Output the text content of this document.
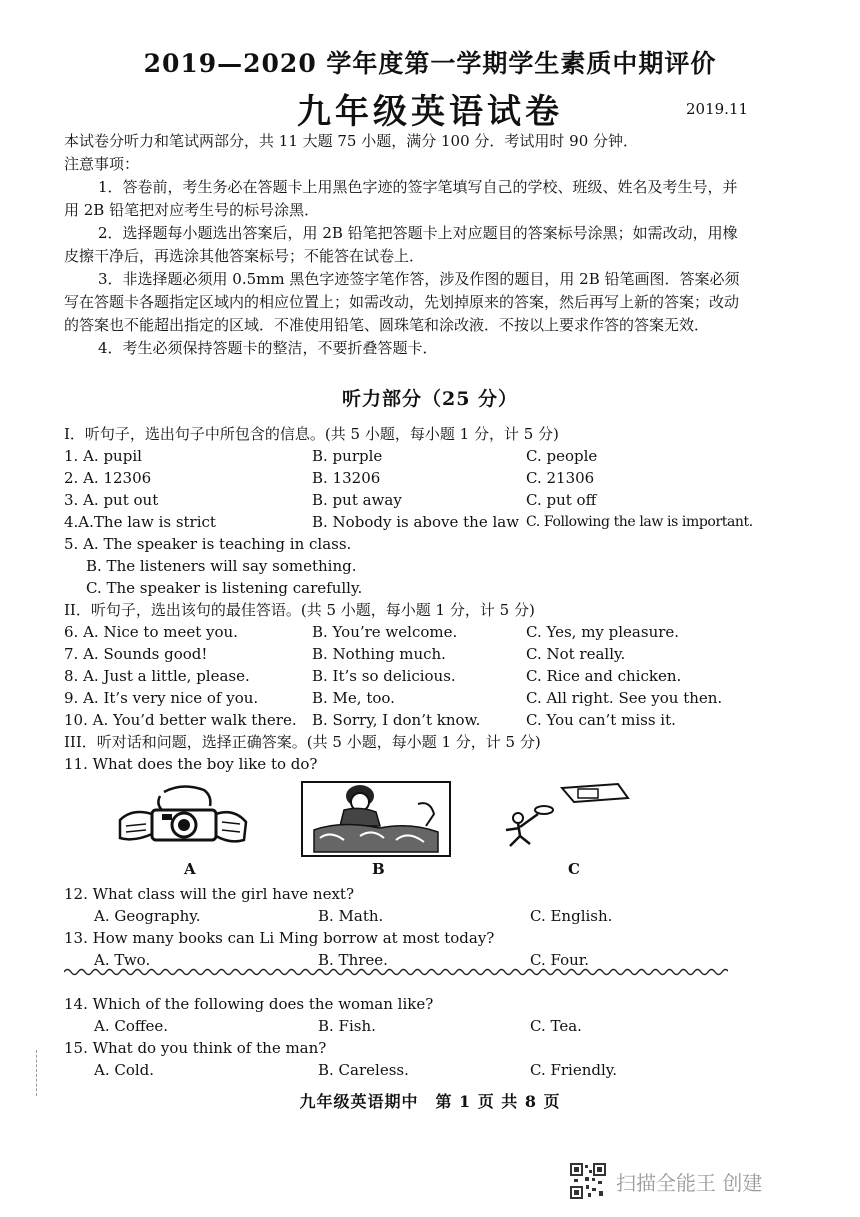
2019—2020 学年度第一学期学生素质中期评价
九年级英语试卷	2019.11

本试卷分听力和笔试两部分，共 11 大题 75 小题，满分 100 分．考试用时 90 分钟．

注意事项：

1．答卷前，考生务必在答题卡上用黑色字迹的签字笔填写自己的学校、班级、姓名及考生号，并用 2B 铅笔把对应考生号的标号涂黑．

2．选择题每小题选出答案后，用 2B 铅笔把答题卡上对应题目的答案标号涂黑；如需改动，用橡皮擦干净后，再选涂其他答案标号；不能答在试卷上．

3．非选择题必须用 0.5mm 黑色字迹签字笔作答，涉及作图的题目，用 2B 铅笔画图．答案必须写在答题卡各题指定区域内的相应位置上；如需改动，先划掉原来的答案，然后再写上新的答案；改动的答案也不能超出指定的区域．不准使用铅笔、圆珠笔和涂改液．不按以上要求作答的答案无效．

4．考生必须保持答题卡的整洁，不要折叠答题卡．

听力部分（25 分）
I．听句子，选出句子中所包含的信息。(共 5 小题，每小题 1 分，计 5 分)
1. A. pupil	B. purple	C. people
2. A. 12306	B. 13206	C. 21306
3. A. put out	B. put away	C. put off
4.A.The law is strict	B. Nobody is above the law C. Following the law is important.
5. A. The speaker is teaching in class.
B. The listeners will say something.
C. The speaker is listening carefully.
II．听句子，选出该句的最佳答语。(共 5 小题，每小题 1 分，计 5 分)
6. A. Nice to meet you.	B. You’re welcome.	C. Yes, my pleasure.
7. A. Sounds good!	B. Nothing much.	C. Not really.
8. A. Just a little, please.	B. It’s so delicious.	C. Rice and chicken.
9. A. It’s very nice of you.	B. Me, too.	C. All right. See you then.
10. A. You’d better walk there. B. Sorry, I don’t know.	C. You can’t miss it.
III．听对话和问题，选择正确答案。(共 5 小题，每小题 1 分，计 5 分)
11. What does the boy like to do?
A	B	C
12. What class will the girl have next?
A. Geography.	B. Math.	C. English.
13. How many books can Li Ming borrow at most today?
A. Two.	B. Three.	C. Four.
14. Which of the following does the woman like?
A. Coffee.	B. Fish.	C. Tea.
15. What do you think of the man?
A. Cold.	B. Careless.	C. Friendly.
九年级英语期中　第 1 页 共 8 页
扫描全能王 创建
